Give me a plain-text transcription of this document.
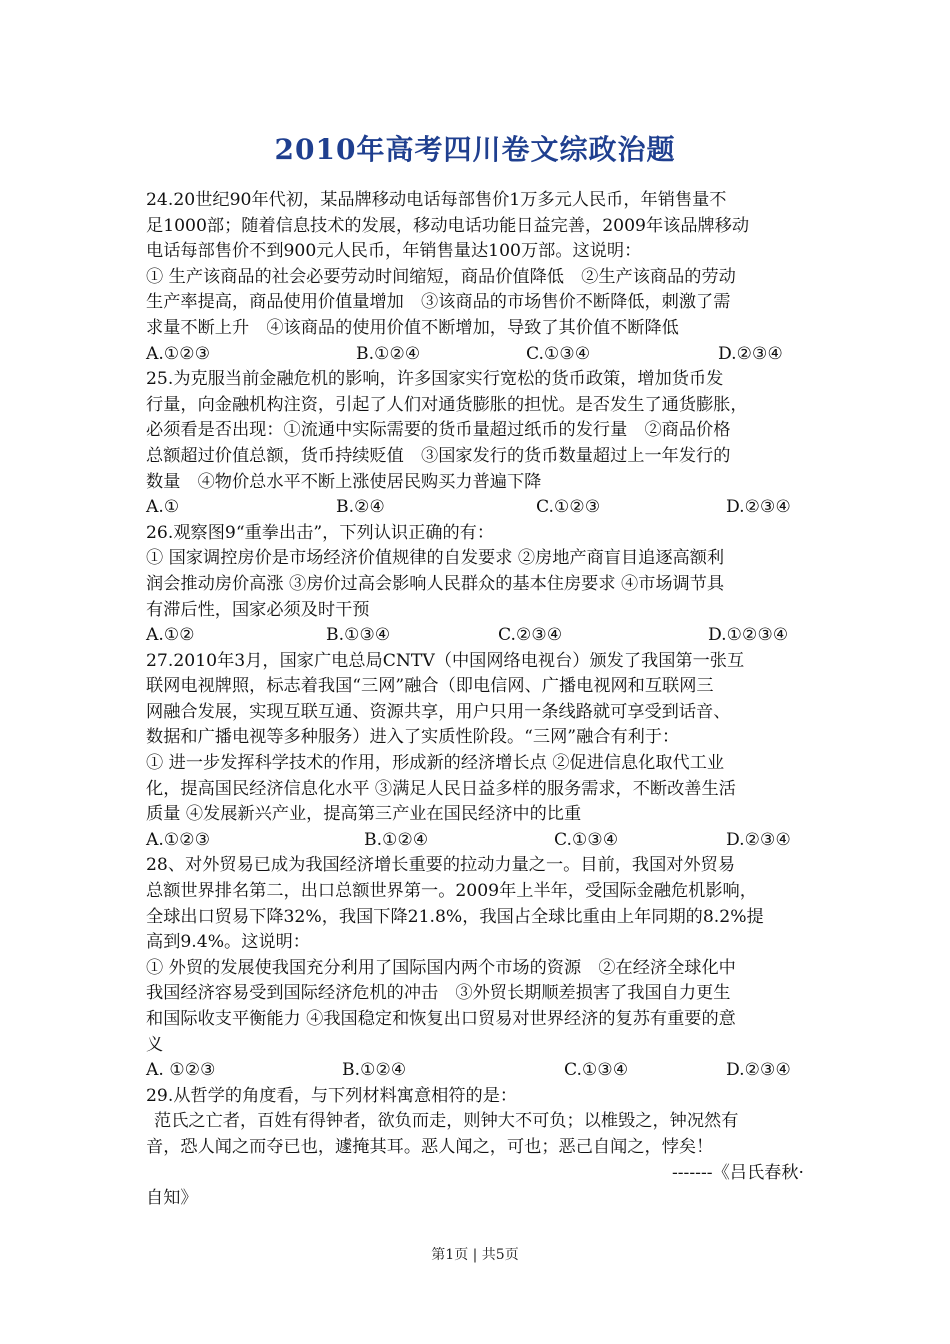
2010年高考四川卷文综政治题
24.20世纪90年代初，某品牌移动电话每部售价1万多元人民币，年销售量不
足1000部；随着信息技术的发展，移动电话功能日益完善，2009年该品牌移动
电话每部售价不到900元人民币，年销售量达100万部。这说明：
① 生产该商品的社会必要劳动时间缩短，商品价值降低　②生产该商品的劳动
生产率提高，商品使用价值量增加　③该商品的市场售价不断降低，刺激了需
求量不断上升　④该商品的使用价值不断增加，导致了其价值不断降低
A.①②③	B.①②④	C.①③④	D.②③④
25.为克服当前金融危机的影响，许多国家实行宽松的货币政策，增加货币发
行量，向金融机构注资，引起了人们对通货膨胀的担忧。是否发生了通货膨胀，
必须看是否出现：①流通中实际需要的货币量超过纸币的发行量　②商品价格
总额超过价值总额，货币持续贬值　③国家发行的货币数量超过上一年发行的
数量　④物价总水平不断上涨使居民购买力普遍下降
A.①	B.②④	C.①②③	D.②③④
26.观察图9“重拳出击”，下列认识正确的有：
① 国家调控房价是市场经济价值规律的自发要求 ②房地产商盲目追逐高额利
润会推动房价高涨 ③房价过高会影响人民群众的基本住房要求 ④市场调节具
有滞后性，国家必须及时干预
A.①②	B.①③④	C.②③④	D.①②③④
27.2010年3月，国家广电总局CNTV（中国网络电视台）颁发了我国第一张互
联网电视牌照，标志着我国“三网”融合（即电信网、广播电视网和互联网三
网融合发展，实现互联互通、资源共享，用户只用一条线路就可享受到话音、
数据和广播电视等多种服务）进入了实质性阶段。“三网”融合有利于：
① 进一步发挥科学技术的作用，形成新的经济增长点 ②促进信息化取代工业
化，提高国民经济信息化水平 ③满足人民日益多样的服务需求，不断改善生活
质量 ④发展新兴产业，提高第三产业在国民经济中的比重
A.①②③	B.①②④	C.①③④	D.②③④
28、对外贸易已成为我国经济增长重要的拉动力量之一。目前，我国对外贸易
总额世界排名第二，出口总额世界第一。2009年上半年，受国际金融危机影响，
全球出口贸易下降32%，我国下降21.8%，我国占全球比重由上年同期的8.2%提
高到9.4%。这说明：
① 外贸的发展使我国充分利用了国际国内两个市场的资源　②在经济全球化中
我国经济容易受到国际经济危机的冲击　③外贸长期顺差损害了我国自力更生
和国际收支平衡能力 ④我国稳定和恢复出口贸易对世界经济的复苏有重要的意
义
A. ①②③	B.①②④	C.①③④	D.②③④
29.从哲学的角度看，与下列材料寓意相符的是：
范氏之亡者，百姓有得钟者，欲负而走，则钟大不可负；以椎毁之，钟况然有
音，恐人闻之而夺已也，遽掩其耳。恶人闻之，可也；恶己自闻之，悖矣！
-------《吕氏春秋·
自知》
第1页 | 共5页
